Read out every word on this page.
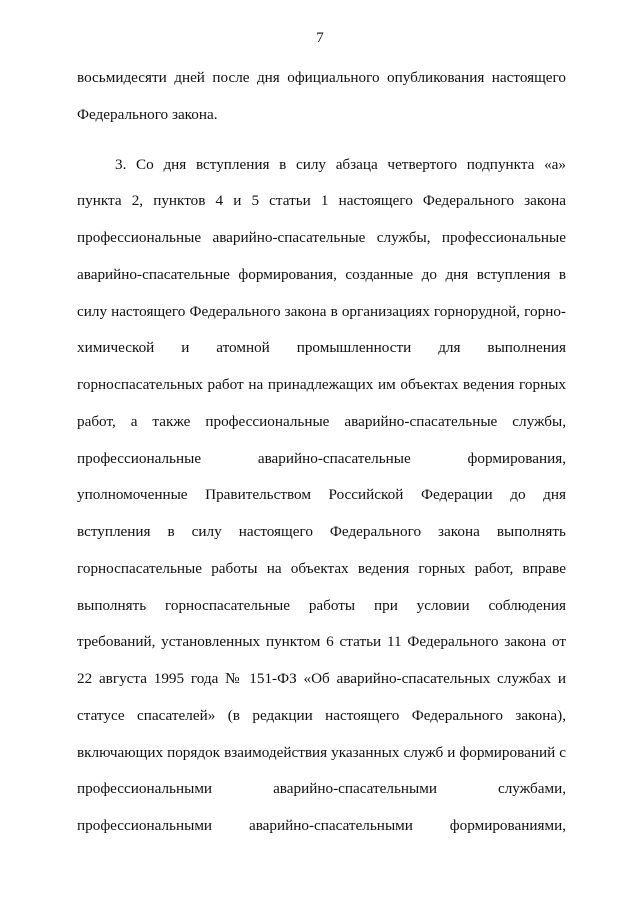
7
восьмидесяти дней после дня официального опубликования настоящего
Федерального закона.
3. Со дня вступления в силу абзаца четвертого подпункта «а»
пункта 2, пунктов 4 и 5 статьи 1 настоящего Федерального закона
профессиональные аварийно-спасательные службы, профессиональные
аварийно-спасательные формирования, созданные до дня вступления в
силу настоящего Федерального закона в организациях горнорудной, горно-
химической и атомной промышленности для выполнения
горноспасательных работ на принадлежащих им объектах ведения горных
работ, а также профессиональные аварийно-спасательные службы,
профессиональные аварийно-спасательные формирования,
уполномоченные Правительством Российской Федерации до дня
вступления в силу настоящего Федерального закона выполнять
горноспасательные работы на объектах ведения горных работ, вправе
выполнять горноспасательные работы при условии соблюдения
требований, установленных пунктом 6 статьи 11 Федерального закона от
22 августа 1995 года № 151-ФЗ «Об аварийно-спасательных службах и
статусе спасателей» (в редакции настоящего Федерального закона),
включающих порядок взаимодействия указанных служб и формирований с
профессиональными аварийно-спасательными службами,
профессиональными аварийно-спасательными формированиями,
